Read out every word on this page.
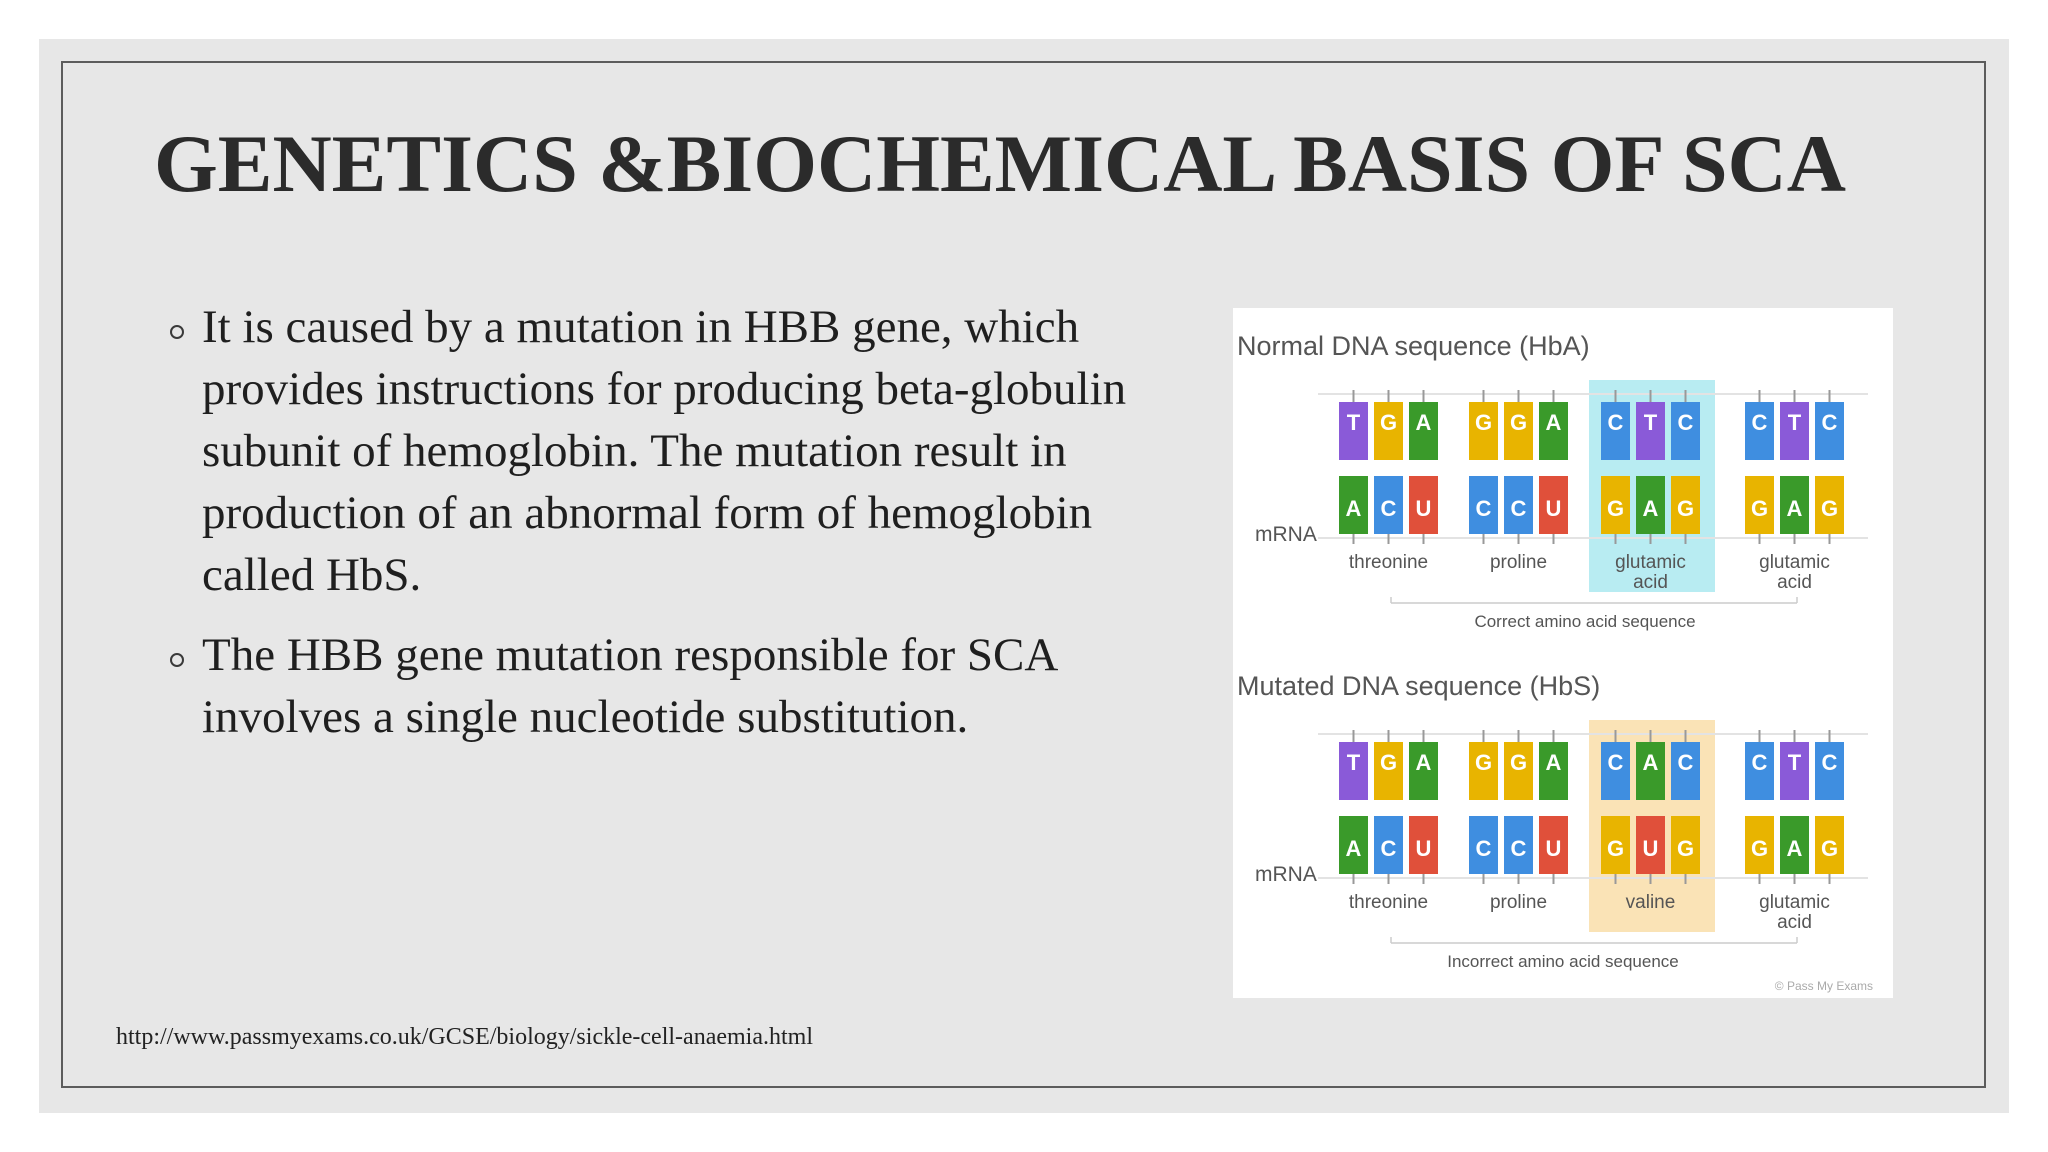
GENETICS &BIOCHEMICAL BASIS OF SCA
It is caused by a mutation in HBB gene, which provides instructions for producing beta-globulin subunit of hemoglobin. The mutation result in production of an abnormal form of hemoglobin called HbS.
The HBB gene mutation responsible for SCA involves a single nucleotide substitution.
http://www.passmyexams.co.uk/GCSE/biology/sickle-cell-anaemia.html
Normal DNA sequence (HbA)
mRNA
T
A
G
C
A
U
threonine
G
C
G
C
A
U
proline
C
G
T
A
C
G
glutamic
acid
C
G
T
A
C
G
glutamic
acid
Correct amino acid sequence
Mutated DNA sequence (HbS)
mRNA
T
A
G
C
A
U
threonine
G
C
G
C
A
U
proline
C
G
A
U
C
G
valine
C
G
T
A
C
G
glutamic
acid
Incorrect amino acid sequence
© Pass My Exams
